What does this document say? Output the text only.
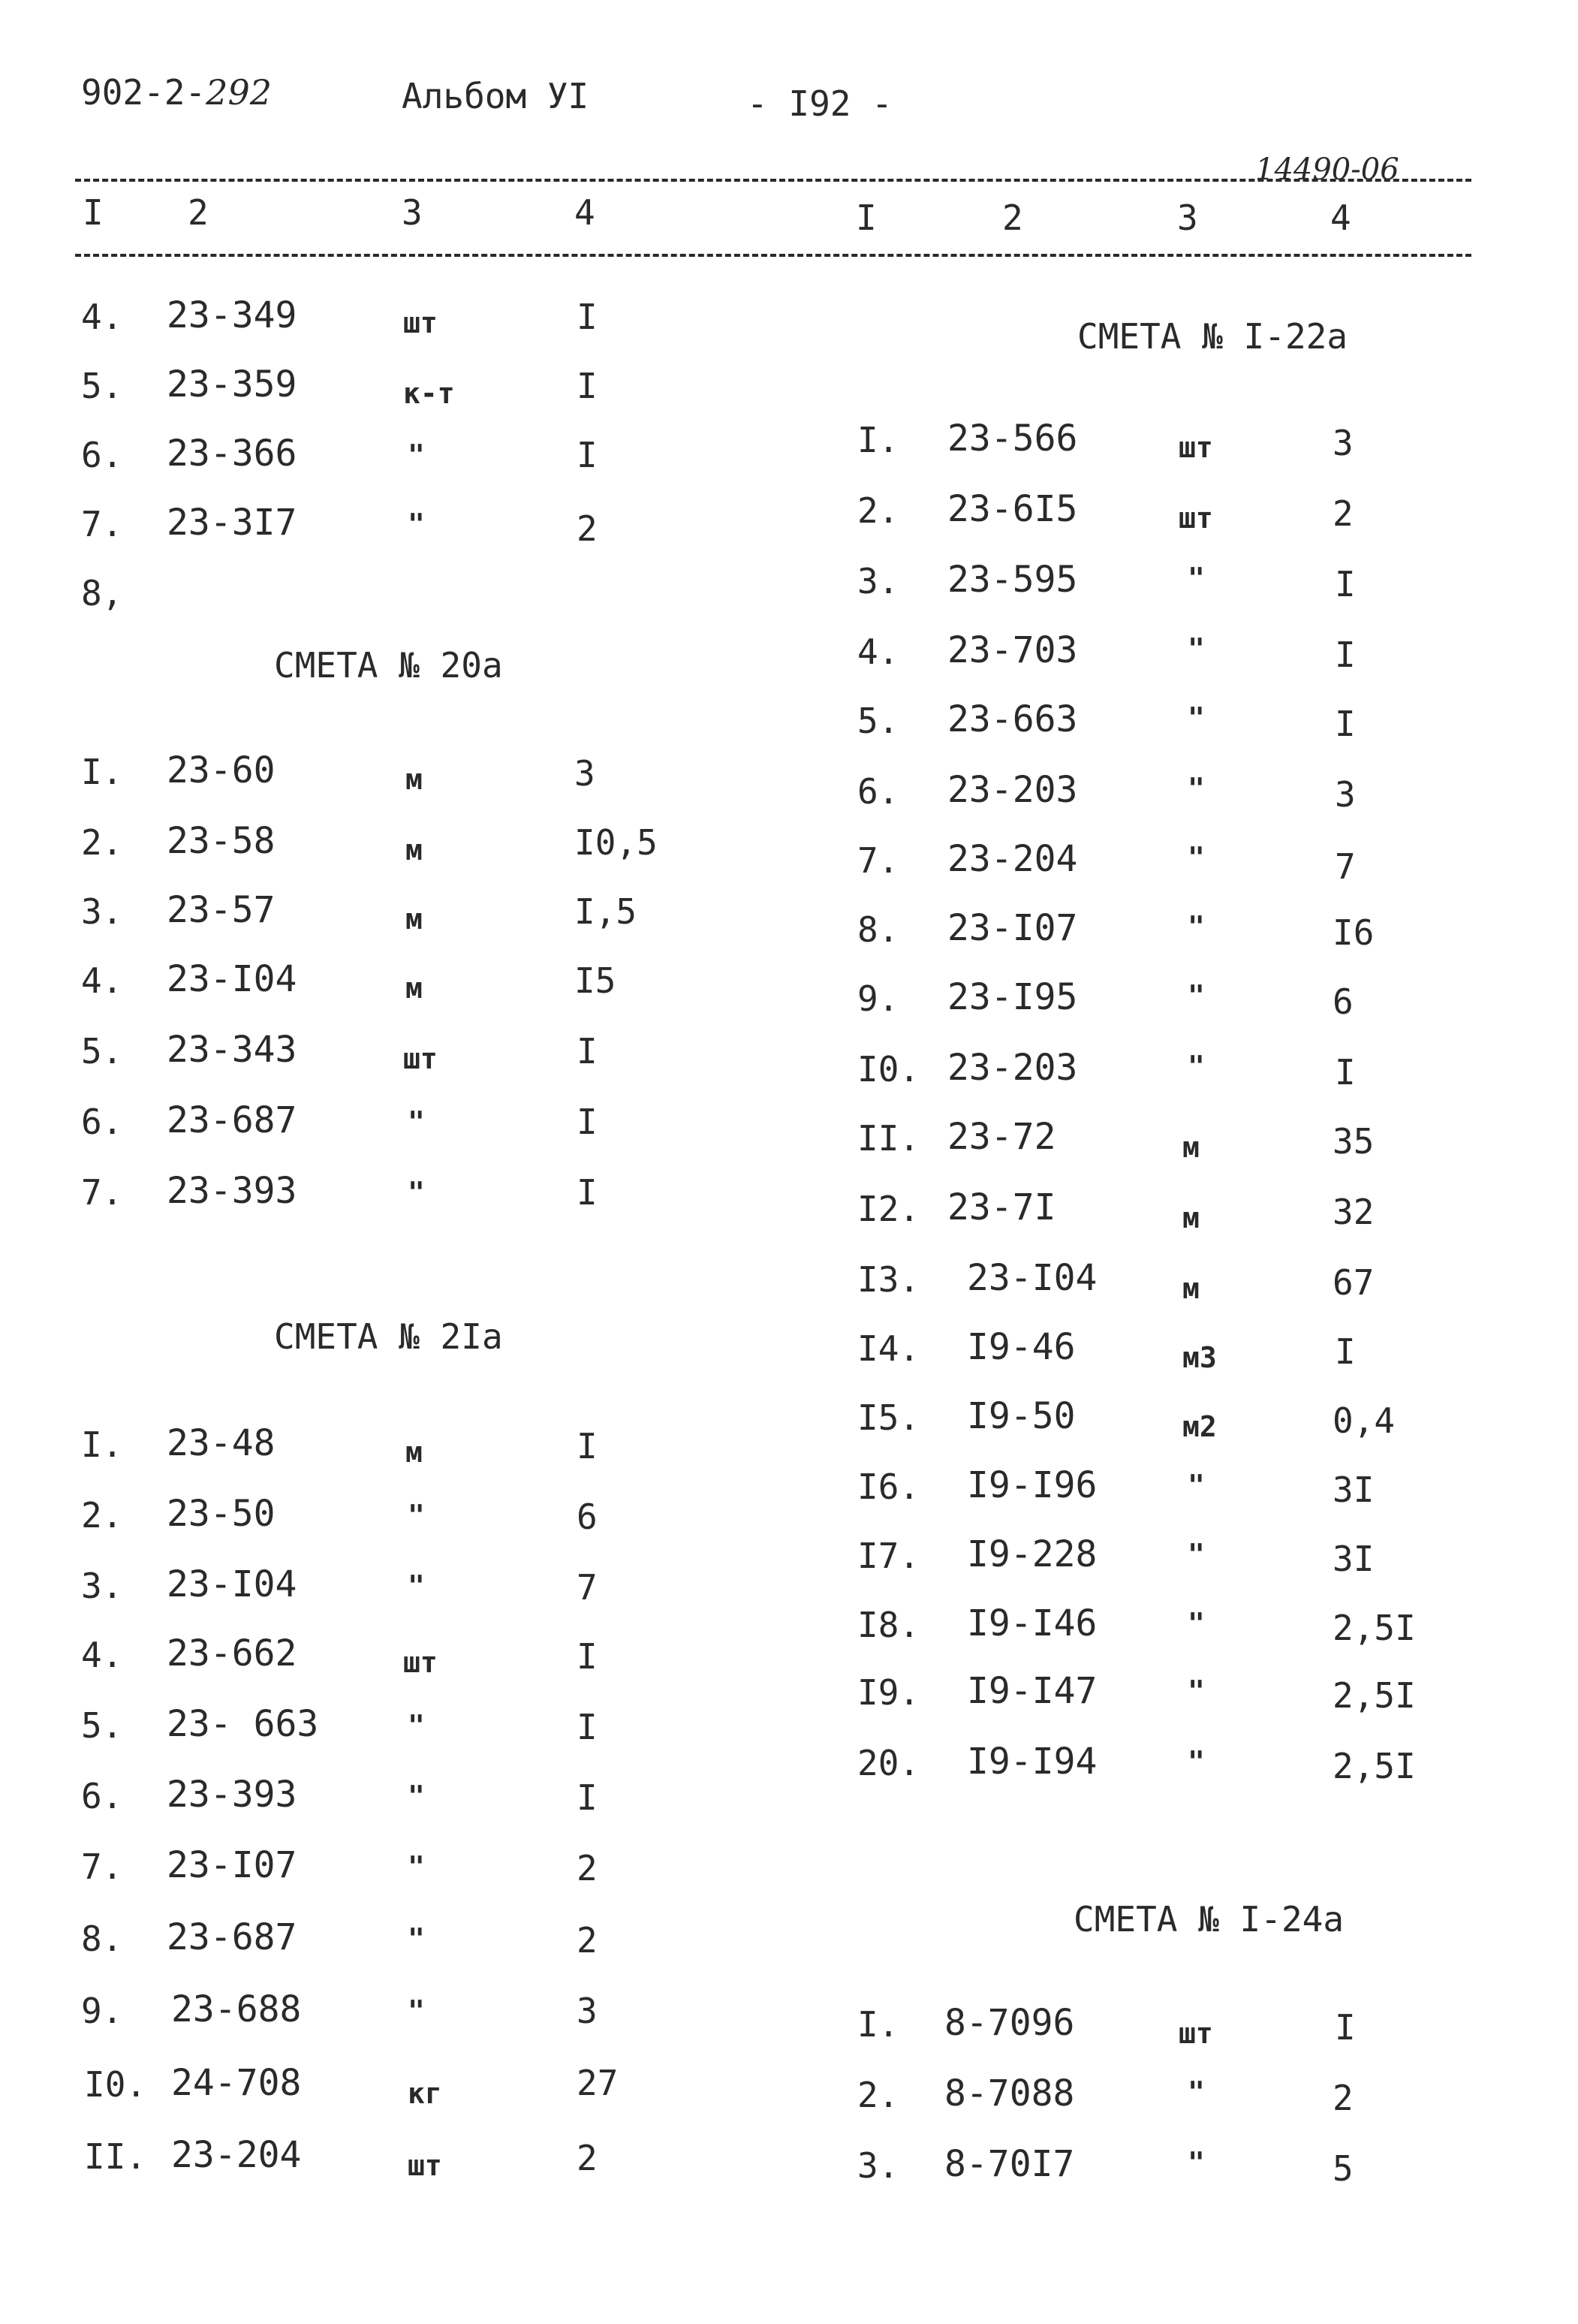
902-2-292	Альбом УI	- I92 -
14490-06
I 2	3	4	I	2	3	4
4. 23-349	шт	I
5. 23-359	к-т	I
6. 23-366	"	I
7. 23-3I7	"	2
8,
СМЕТА № 20а
I. 23-60	м	3
2. 23-58	м	I0,5
3. 23-57	м	I,5
4. 23-I04	м	I5
5. 23-343	шт	I
6. 23-687	"	I
7. 23-393	"	I
СМЕТА № 2Iа
I. 23-48	м	I
2. 23-50	"	6
3. 23-I04	"	7
4. 23-662	шт	I
5. 23- 663	"	I
6. 23-393	"	I
7. 23-I07	"	2
8. 23-687	"	2
9. 23-688	"	3
I0. 24-708	кг	27
II. 23-204	шт	2
СМЕТА № I-22а
I. 23-566	шт	3
2. 23-6I5	шт	2
3. 23-595	"	I
4. 23-703	"	I
5. 23-663	"	I
6. 23-203	"	3
7. 23-204	"	7
8. 23-I07	"	I6
9. 23-I95	"	6
I0. 23-203	"	I
II. 23-72	м	35
I2. 23-7I	м	32
I3. 23-I04	м	67
I4. I9-46	м3	I
I5. I9-50	м2	0,4
I6. I9-I96	"	3I
I7. I9-228	"	3I
I8. I9-I46	"	2,5I
I9. I9-I47	"	2,5I
20. I9-I94	"	2,5I
СМЕТА № I-24а
I. 8-7096	шт	I
2. 8-7088	"	2
3. 8-70I7	"	5
